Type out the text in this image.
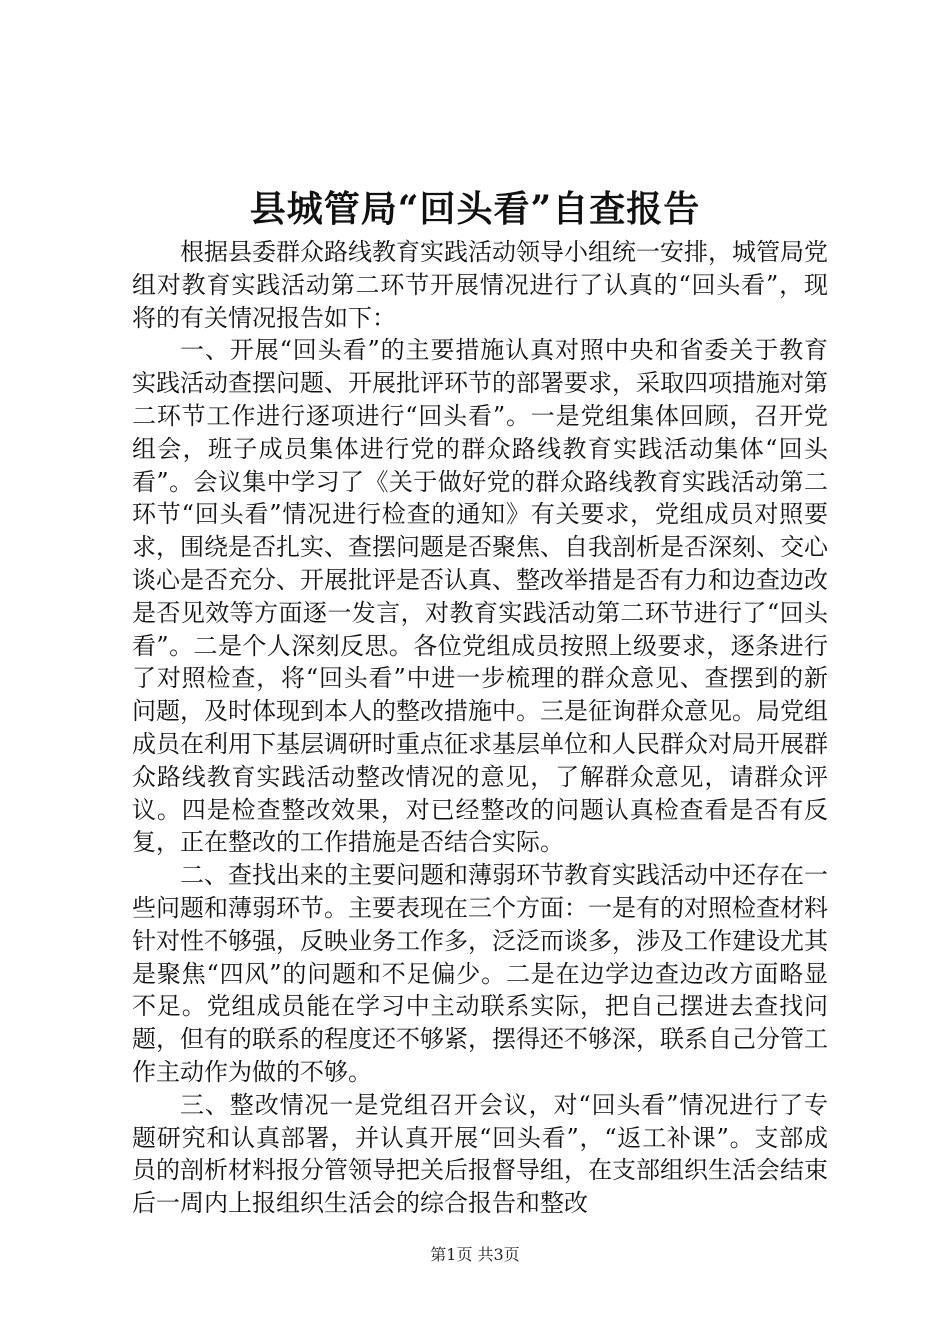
县城管局“回头看”自查报告

根据县委群众路线教育实践活动领导小组统一安排，城管局党组对教育实践活动第二环节开展情况进行了认真的“回头看”，现将的有关情况报告如下：

一、开展“回头看”的主要措施认真对照中央和省委关于教育实践活动查摆问题、开展批评环节的部署要求，采取四项措施对第二环节工作进行逐项进行“回头看”。一是党组集体回顾，召开党组会，班子成员集体进行党的群众路线教育实践活动集体“回头看”。会议集中学习了《关于做好党的群众路线教育实践活动第二环节“回头看”情况进行检查的通知》有关要求，党组成员对照要求，围绕是否扎实、查摆问题是否聚焦、自我剖析是否深刻、交心谈心是否充分、开展批评是否认真、整改举措是否有力和边查边改是否见效等方面逐一发言，对教育实践活动第二环节进行了“回头看”。二是个人深刻反思。各位党组成员按照上级要求，逐条进行了对照检查，将“回头看”中进一步梳理的群众意见、查摆到的新问题，及时体现到本人的整改措施中。三是征询群众意见。局党组成员在利用下基层调研时重点征求基层单位和人民群众对局开展群众路线教育实践活动整改情况的意见，了解群众意见，请群众评议。四是检查整改效果，对已经整改的问题认真检查看是否有反复，正在整改的工作措施是否结合实际。

二、查找出来的主要问题和薄弱环节教育实践活动中还存在一些问题和薄弱环节。主要表现在三个方面：一是有的对照检查材料针对性不够强，反映业务工作多，泛泛而谈多，涉及工作建设尤其是聚焦“四风”的问题和不足偏少。二是在边学边查边改方面略显不足。党组成员能在学习中主动联系实际，把自己摆进去查找问题，但有的联系的程度还不够紧，摆得还不够深，联系自己分管工作主动作为做的不够。

三、整改情况一是党组召开会议，对“回头看”情况进行了专题研究和认真部署，并认真开展“回头看”，“返工补课”。支部成员的剖析材料报分管领导把关后报督导组，在支部组织生活会结束后一周内上报组织生活会的综合报告和整改

第1页 共3页
